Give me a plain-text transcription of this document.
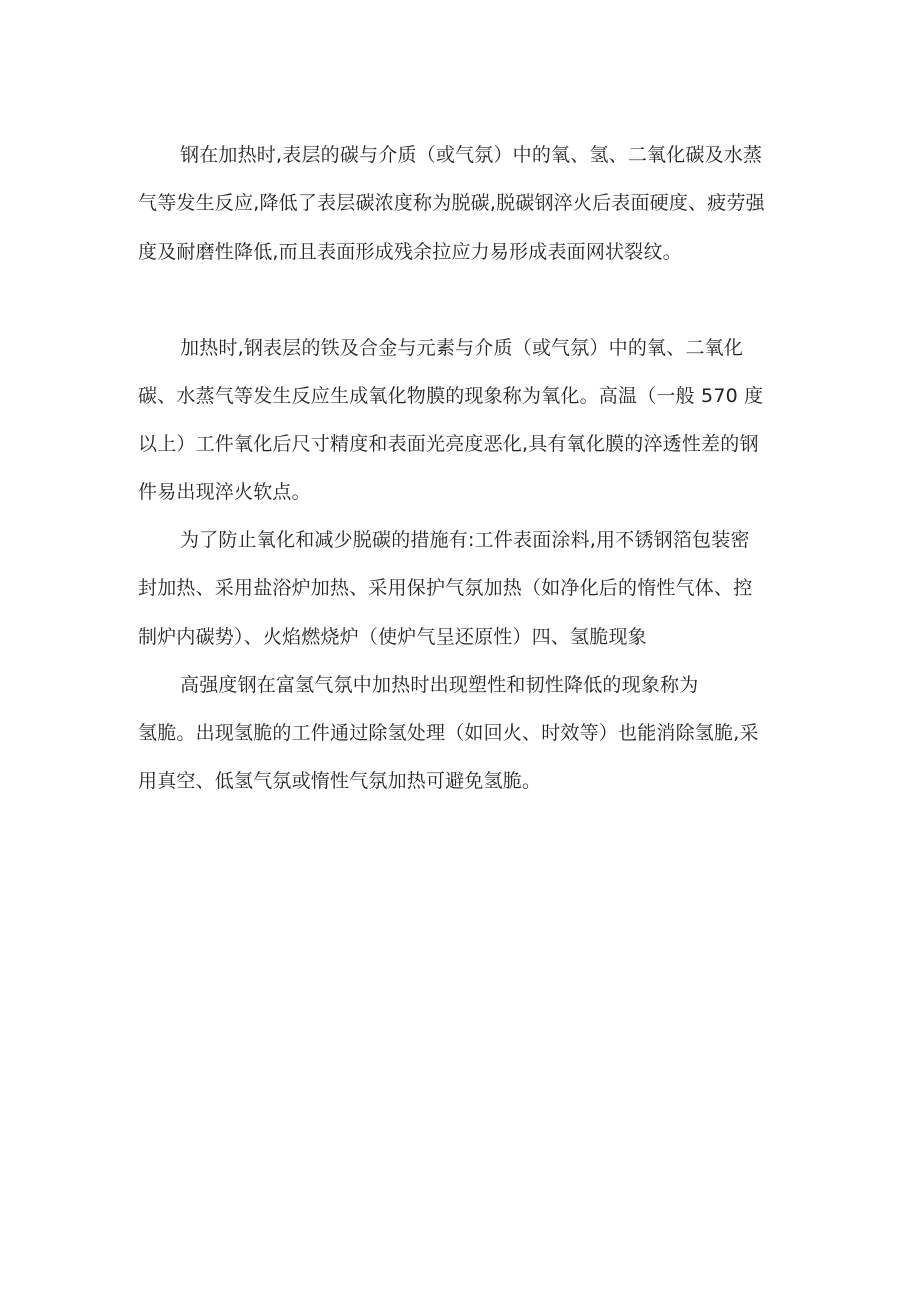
钢在加热时,表层的碳与介质（或气氛）中的氧、氢、二氧化碳及水蒸
气等发生反应,降低了表层碳浓度称为脱碳,脱碳钢淬火后表面硬度、疲劳强
度及耐磨性降低,而且表面形成残余拉应力易形成表面网状裂纹。
加热时,钢表层的铁及合金与元素与介质（或气氛）中的氧、二氧化
碳、水蒸气等发生反应生成氧化物膜的现象称为氧化。高温（一般 570 度
以上）工件氧化后尺寸精度和表面光亮度恶化,具有氧化膜的淬透性差的钢
件易出现淬火软点。
为了防止氧化和减少脱碳的措施有:工件表面涂料,用不锈钢箔包装密
封加热、采用盐浴炉加热、采用保护气氛加热（如净化后的惰性气体、控
制炉内碳势）、火焰燃烧炉（使炉气呈还原性）四、氢脆现象
高强度钢在富氢气氛中加热时出现塑性和韧性降低的现象称为
氢脆。出现氢脆的工件通过除氢处理（如回火、时效等）也能消除氢脆,采
用真空、低氢气氛或惰性气氛加热可避免氢脆。
